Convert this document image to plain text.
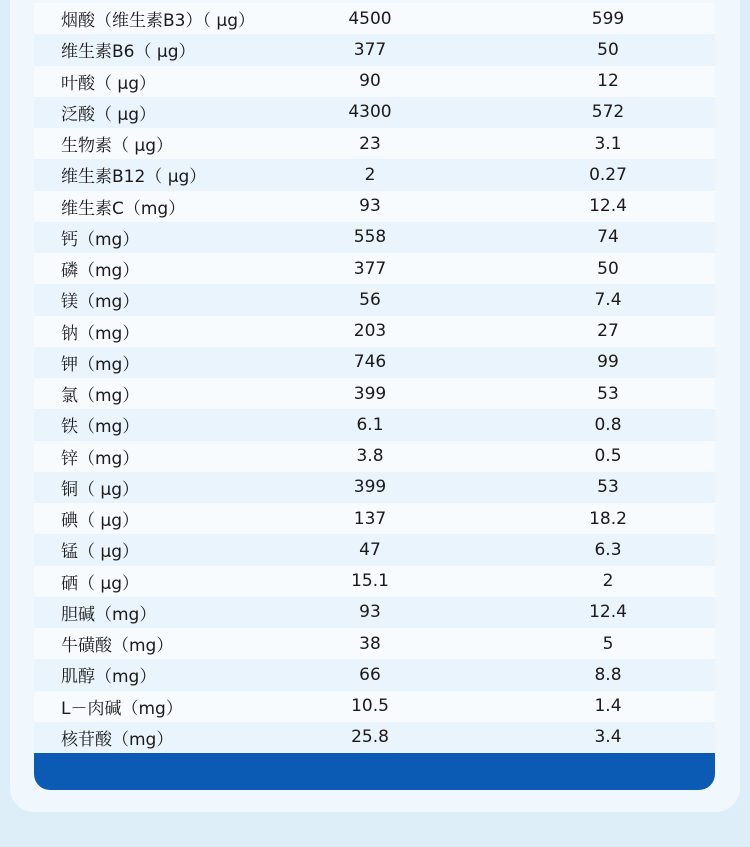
烟酸（维生素B3）（ μg）	4500	599
维生素B6（ μg）	377	50
叶酸（ μg）	90	12
泛酸（ μg）	4300	572
生物素（ μg）	23	3.1
维生素B12（ μg）	2	0.27
维生素C（mg）	93	12.4
钙（mg）	558	74
磷（mg）	377	50
镁（mg）	56	7.4
钠（mg）	203	27
钾（mg）	746	99
氯（mg）	399	53
铁（mg）	6.1	0.8
锌（mg）	3.8	0.5
铜（ μg）	399	53
碘（ μg）	137	18.2
锰（ μg）	47	6.3
硒（ μg）	15.1	2
胆碱（mg）	93	12.4
牛磺酸（mg）	38	5
肌醇（mg）	66	8.8
L－肉碱（mg）	10.5	1.4
核苷酸（mg）	25.8	3.4
